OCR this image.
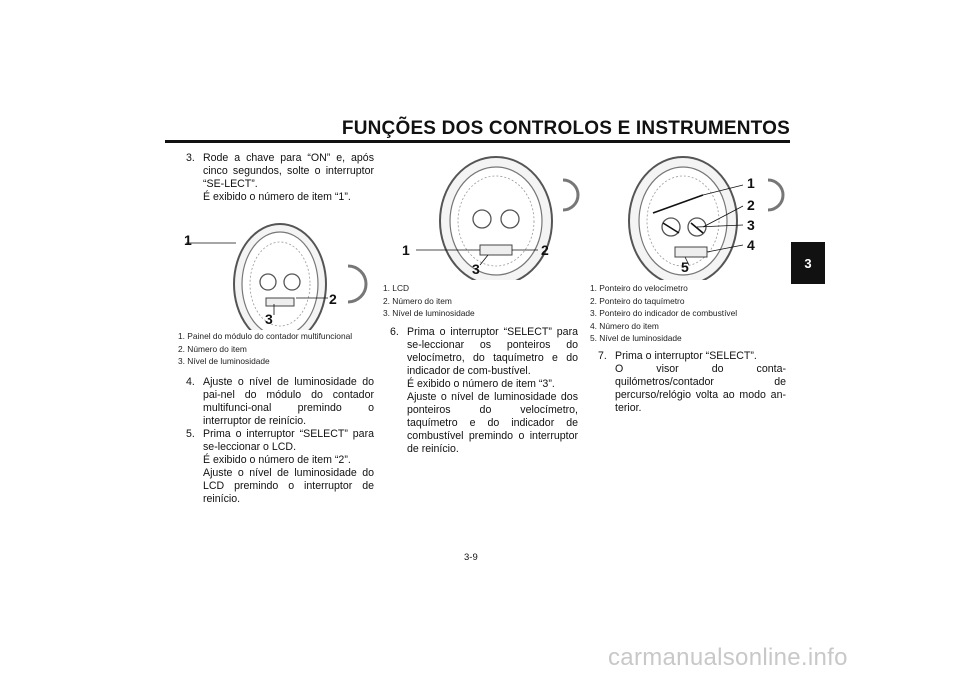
FUNÇÕES DOS CONTROLOS E INSTRUMENTOS
3
3. Rode a chave para “ON” e, após cinco segundos, solte o interruptor “SE-LECT”.

É exibido o número de item “1”.

1
2
3
1. Painel do módulo do contador multifuncional
2. Número do item
3. Nível de luminosidade
4. Ajuste o nível de luminosidade do pai-nel do módulo do contador multifunci-onal premindo o interruptor de reinício.

5. Prima o interruptor “SELECT” para se-leccionar o LCD.

É exibido o número de item “2”.

Ajuste o nível de luminosidade do LCD premindo o interruptor de reinício.

1	2
3
1. LCD
2. Número do item
3. Nível de luminosidade
6. Prima o interruptor “SELECT” para se-leccionar os ponteiros do velocímetro, do taquímetro e do indicador de com-bustível.

É exibido o número de item “3”.

Ajuste o nível de luminosidade dos ponteiros do velocímetro, taquímetro e do indicador de combustível premindo o interruptor de reinício.

1
2
3
4
5
1. Ponteiro do velocímetro
2. Ponteiro do taquímetro
3. Ponteiro do indicador de combustível
4. Número do item
5. Nível de luminosidade
7. Prima o interruptor “SELECT”.

O visor do conta-quilómetros/contador de percurso/relógio volta ao modo an-terior.

3-9
carmanualsonline.info
